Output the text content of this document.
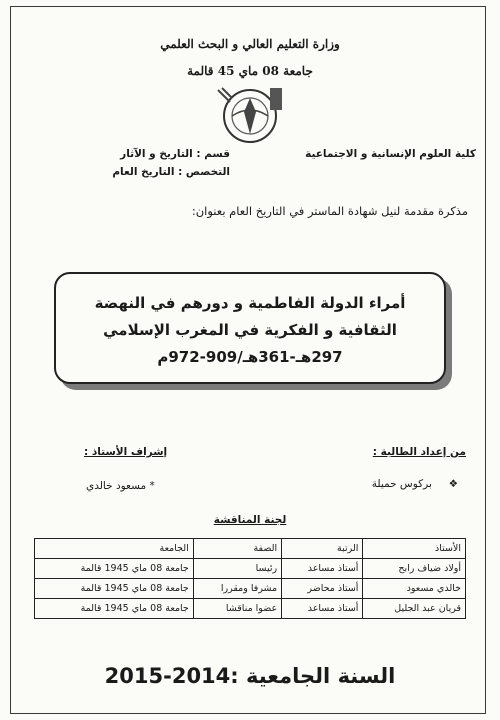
وزارة التعليم العالي و البحث العلمي
جامعة 08 ماي 45 قالمة
كلية العلوم الإنسانية و الاجتماعية
قسم : التاريخ و الآثار
التخصص : التاريخ العام
مذكرة مقدمة لنيل شهادة الماستر في التاريخ العام بعنوان:
أمراء الدولة الفاطمية و دورهم في النهضة
الثقافية و الفكرية في المغرب الإسلامي
297هـ-361هـ/909-972م
من إعداد الطالبة :
إشراف الأستاذ :
❖     بركوس حميلة
* مسعود خالدي
لجنة المناقشة
الأستاذ	الرتبة	الصفة	الجامعة
أولاد ضياف رابح	أستاذ مساعد	رئيسا	جامعة 08 ماي 1945 قالمة
خالدي مسعود	أستاذ محاضر	مشرفا ومقررا	جامعة 08 ماي 1945 قالمة
قريان عبد الجليل	أستاذ مساعد	عضوا مناقشا	جامعة 08 ماي 1945 قالمة
السنة الجامعية :2014-2015
